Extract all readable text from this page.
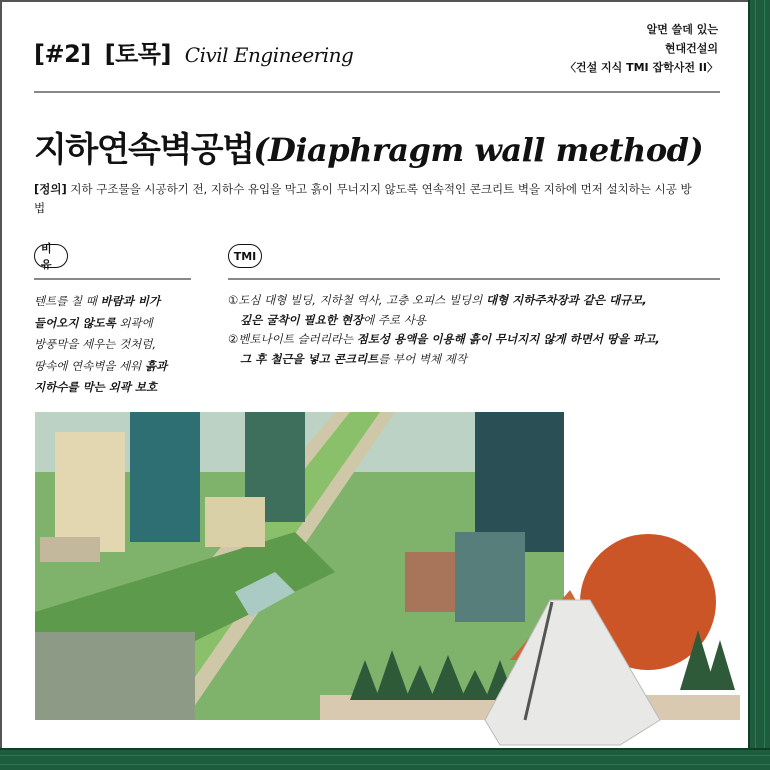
[#2] [토목] Civil Engineering
알면 쓸데 있는
현대건설의
〈건설 지식 TMI 잡학사전 II〉
지하연속벽공법(Diaphragm wall method)
[정의] 지하 구조물을 시공하기 전, 지하수 유입을 막고 흙이 무너지지 않도록 연속적인 콘크리트 벽을 지하에 먼저 설치하는 시공 방법
비유
TMI
텐트를 칠 때 바람과 비가
들어오지 않도록 외곽에
방풍막을 세우는 것처럼,
땅속에 연속벽을 세워 흙과
지하수를 막는 외곽 보호
①도심 대형 빌딩, 지하철 역사, 고층 오피스 빌딩의 대형 지하주차장과 같은 대규모,
깊은 굴착이 필요한 현장에 주로 사용
②벤토나이트 슬러리라는 점토성 용액을 이용해 흙이 무너지지 않게 하면서 땅을 파고,
그 후 철근을 넣고 콘크리트를 부어 벽체 제작
